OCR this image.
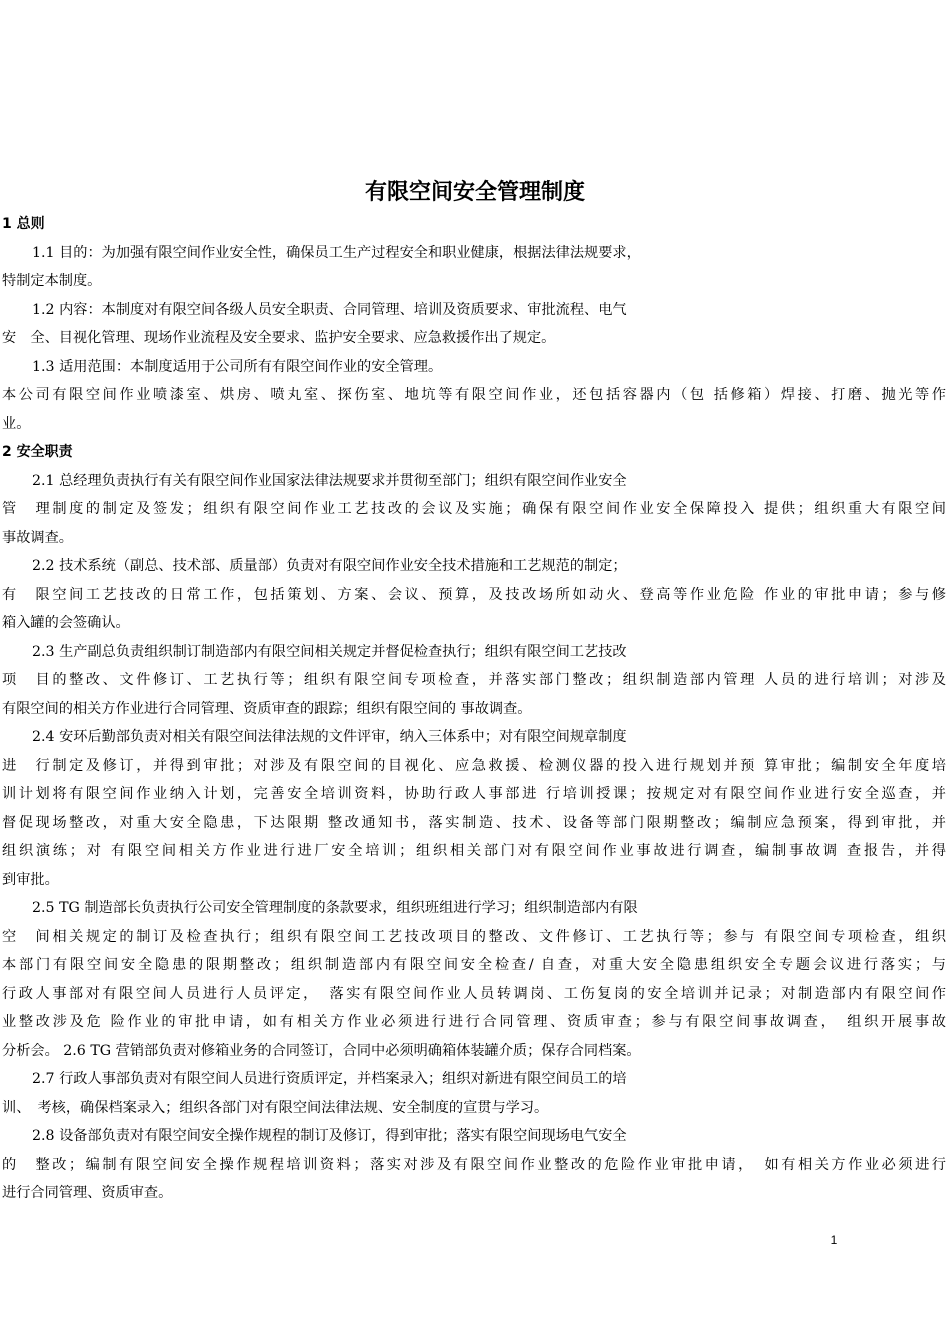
有限空间安全管理制度
1 总则
1.1 目的：为加强有限空间作业安全性，确保员工生产过程安全和职业健康，根据法律法规要求，
特制定本制度。
1.2 内容：本制度对有限空间各级人员安全职责、合同管理、培训及资质要求、审批流程、电气
安　全、目视化管理、现场作业流程及安全要求、监护安全要求、应急救援作出了规定。
1.3 适用范围：本制度适用于公司所有有限空间作业的安全管理。
本公司有限空间作业喷漆室、烘房、喷丸室、探伤室、地坑等有限空间作业，还包括容器内（包 括修箱）焊接、打磨、抛光等作
业。
2 安全职责
2.1 总经理负责执行有关有限空间作业国家法律法规要求并贯彻至部门；组织有限空间作业安全
管　理制度的制定及签发；组织有限空间作业工艺技改的会议及实施；确保有限空间作业安全保障投入 提供；组织重大有限空间
事故调查。
2.2 技术系统（副总、技术部、质量部）负责对有限空间作业安全技术措施和工艺规范的制定；
有　限空间工艺技改的日常工作，包括策划、方案、会议、预算，及技改场所如动火、登高等作业危险 作业的审批申请；参与修
箱入罐的会签确认。
2.3 生产副总负责组织制订制造部内有限空间相关规定并督促检查执行；组织有限空间工艺技改
项　目的整改、文件修订、工艺执行等；组织有限空间专项检查，并落实部门整改；组织制造部内管理 人员的进行培训；对涉及
有限空间的相关方作业进行合同管理、资质审查的跟踪；组织有限空间的 事故调查。
2.4 安环后勤部负责对相关有限空间法律法规的文件评审，纳入三体系中；对有限空间规章制度
进　行制定及修订，并得到审批；对涉及有限空间的目视化、应急救援、检测仪器的投入进行规划并预 算审批；编制安全年度培
训计划将有限空间作业纳入计划，完善安全培训资料，协助行政人事部进 行培训授课；按规定对有限空间作业进行安全巡查，并
督促现场整改，对重大安全隐患，下达限期 整改通知书，落实制造、技术、设备等部门限期整改；编制应急预案，得到审批，并
组织演练；对 有限空间相关方作业进行进厂安全培训；组织相关部门对有限空间作业事故进行调查，编制事故调 查报告，并得
到审批。
2.5 TG 制造部长负责执行公司安全管理制度的条款要求，组织班组进行学习；组织制造部内有限
空　间相关规定的制订及检查执行；组织有限空间工艺技改项目的整改、文件修订、工艺执行等；参与 有限空间专项检查，组织
本部门有限空间安全隐患的限期整改；组织制造部内有限空间安全检查/ 自查，对重大安全隐患组织安全专题会议进行落实；与
行政人事部对有限空间人员进行人员评定，　落实有限空间作业人员转调岗、工伤复岗的安全培训并记录；对制造部内有限空间作
业整改涉及危 险作业的审批申请，如有相关方作业必须进行进行合同管理、资质审查；参与有限空间事故调查，　组织开展事故
分析会。 2.6 TG 营销部负责对修箱业务的合同签订，合同中必须明确箱体装罐介质；保存合同档案。
2.7 行政人事部负责对有限空间人员进行资质评定，并档案录入；组织对新进有限空间员工的培
训、　考核，确保档案录入；组织各部门对有限空间法律法规、安全制度的宣贯与学习。
2.8 设备部负责对有限空间安全操作规程的制订及修订，得到审批；落实有限空间现场电气安全
的　整改；编制有限空间安全操作规程培训资料；落实对涉及有限空间作业整改的危险作业审批申请，　如有相关方作业必须进行
进行合同管理、资质审查。
1
